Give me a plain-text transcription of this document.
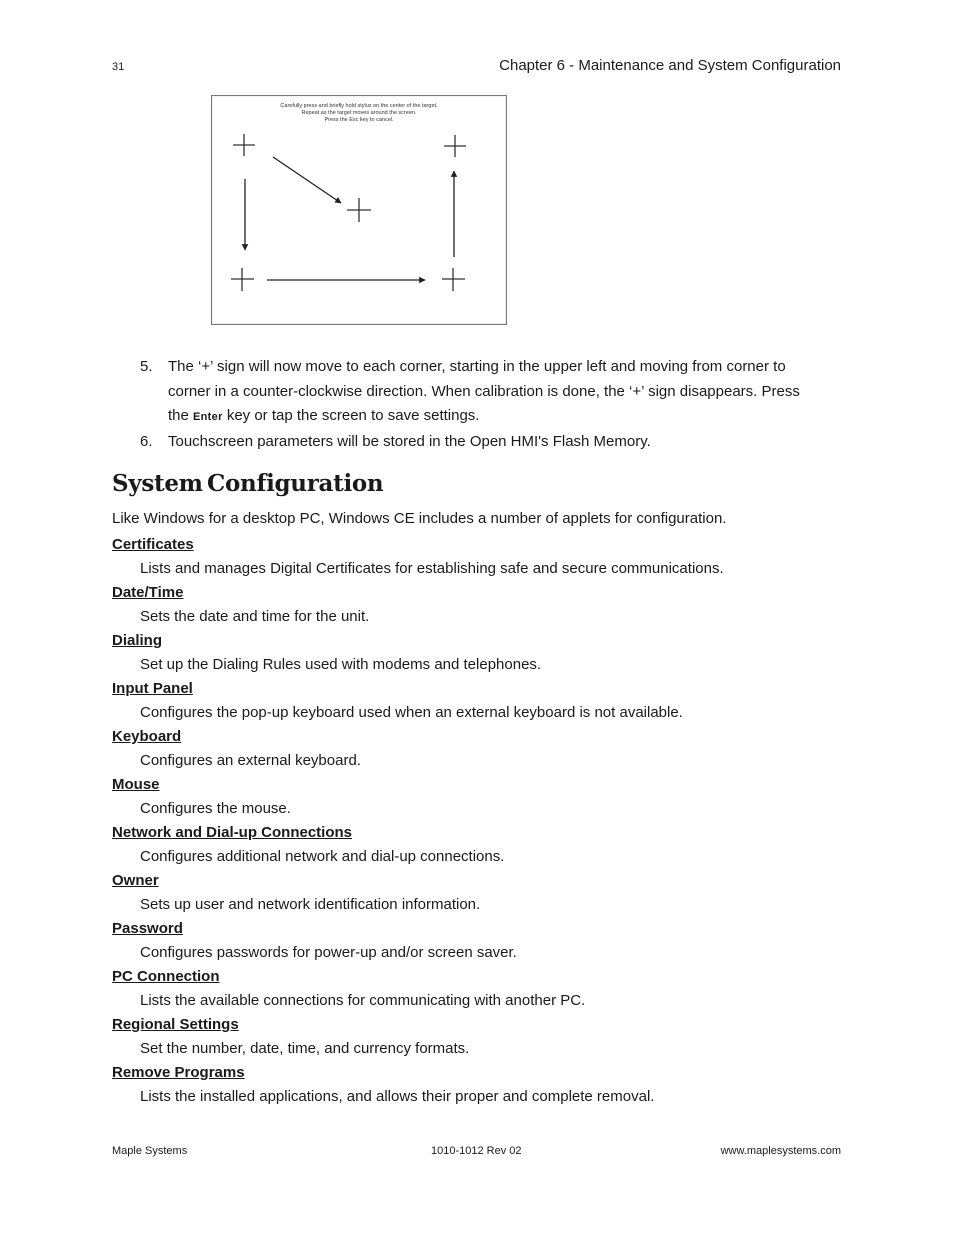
31	Chapter 6 - Maintenance and System Configuration
Carefully press and briefly hold stylus on the center of the target.
Repeat as the target moves around the screen.
Press the Esc key to cancel.
5. The ‘+’ sign will now move to each corner, starting in the upper left and moving from corner to
corner in a counter-clockwise direction. When calibration is done, the ‘+’ sign disappears. Press
the Enter key or tap the screen to save settings.
6. Touchscreen parameters will be stored in the Open HMI's Flash Memory.
System Configuration
Like Windows for a desktop PC, Windows CE includes a number of applets for configuration.
Certificates
Lists and manages Digital Certificates for establishing safe and secure communications.
Date/Time
Sets the date and time for the unit.
Dialing
Set up the Dialing Rules used with modems and telephones.
Input Panel
Configures the pop-up keyboard used when an external keyboard is not available.
Keyboard
Configures an external keyboard.
Mouse
Configures the mouse.
Network and Dial-up Connections
Configures additional network and dial-up connections.
Owner
Sets up user and network identification information.
Password
Configures passwords for power-up and/or screen saver.
PC Connection
Lists the available connections for communicating with another PC.
Regional Settings
Set the number, date, time, and currency formats.
Remove Programs
Lists the installed applications, and allows their proper and complete removal.
Maple Systems	1010-1012 Rev 02	www.maplesystems.com
